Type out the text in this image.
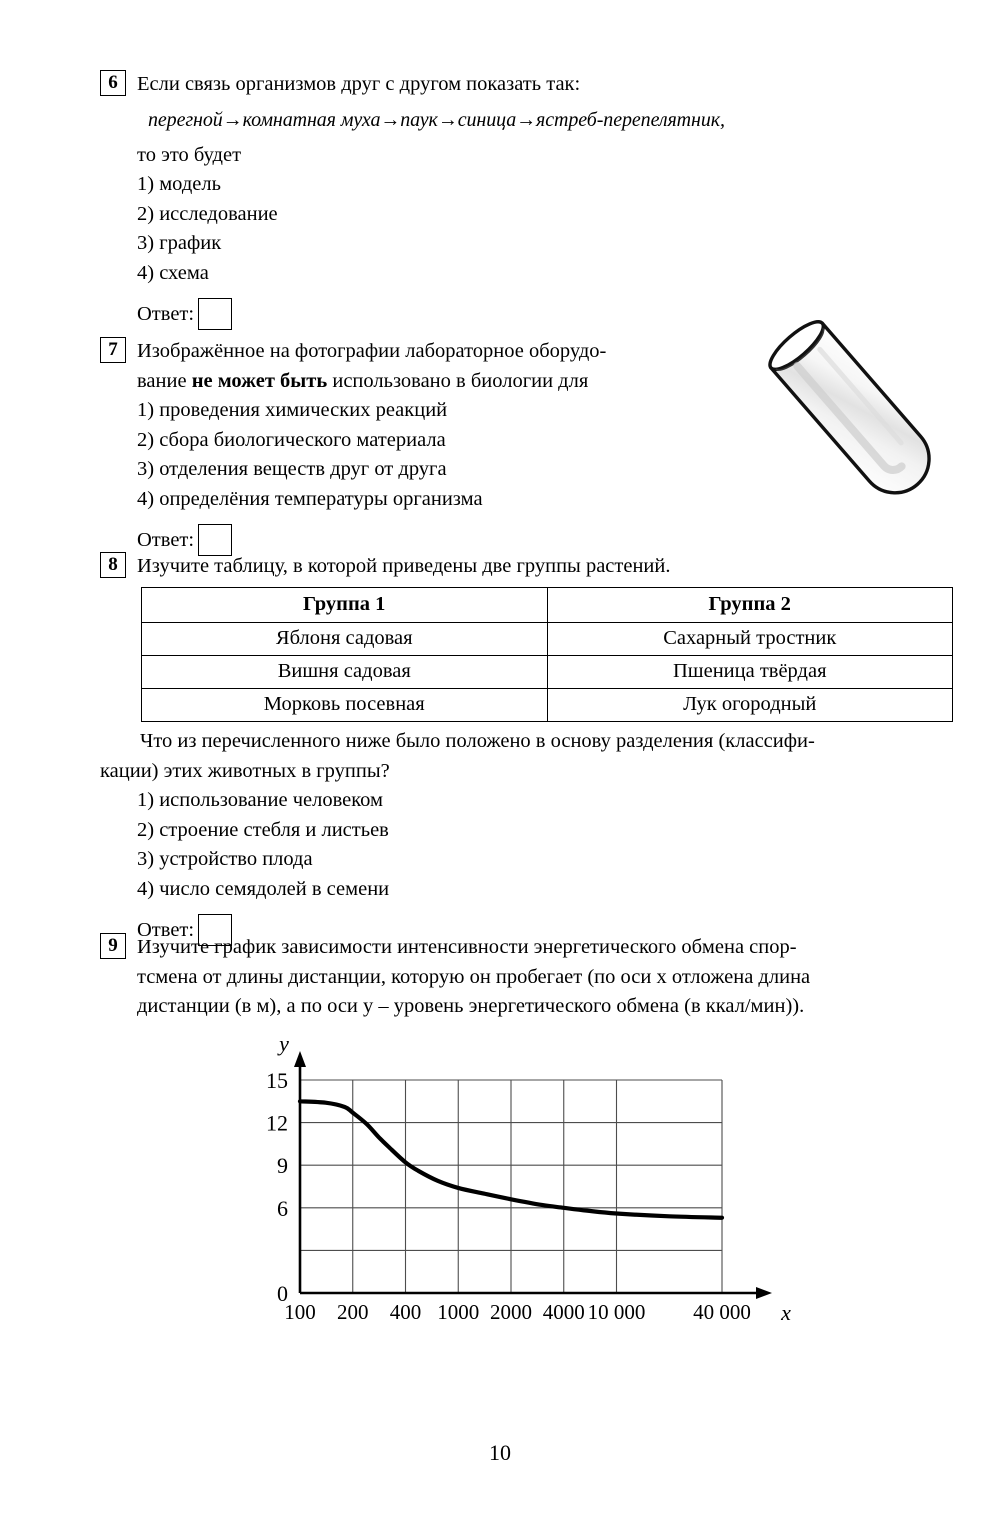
6 Если связь организмов друг с другом показать так:
перегной→комнатная муха→паук→синица→ястреб-перепелятник,
то это будет
1) модель
2) исследование
3) график
4) схема
Ответ:
7 Изображённое на фотографии лабораторное оборудо-
вание не может быть использовано в биологии для
1) проведения химических реакций
2) сбора биологического материала
3) отделения веществ друг от друга
4) определёния температуры организма
Ответ:
8 Изучите таблицу, в которой приведены две группы растений.
Группа 1	Группа 2
Яблоня садовая	Сахарный тростник
Вишня садовая	Пшеница твёрдая
Морковь посевная	Лук огородный
Что из перечисленного ниже было положено в основу разделения (классифи-
кации) этих животных в группы?
1) использование человеком
2) строение стебля и листьев
3) устройство плода
4) число семядолей в семени
Ответ:
9 Изучите график зависимости интенсивности энергетического обмена спор-
тсмена от длины дистанции, которую он пробегает (по оси х отложена длина
дистанции (в м), а по оси у – уровень энергетического обмена (в ккал/мин)).
0
6
9
12
15
100 200 400 1000 2000 4000 10 000 40 000
y
x
10
